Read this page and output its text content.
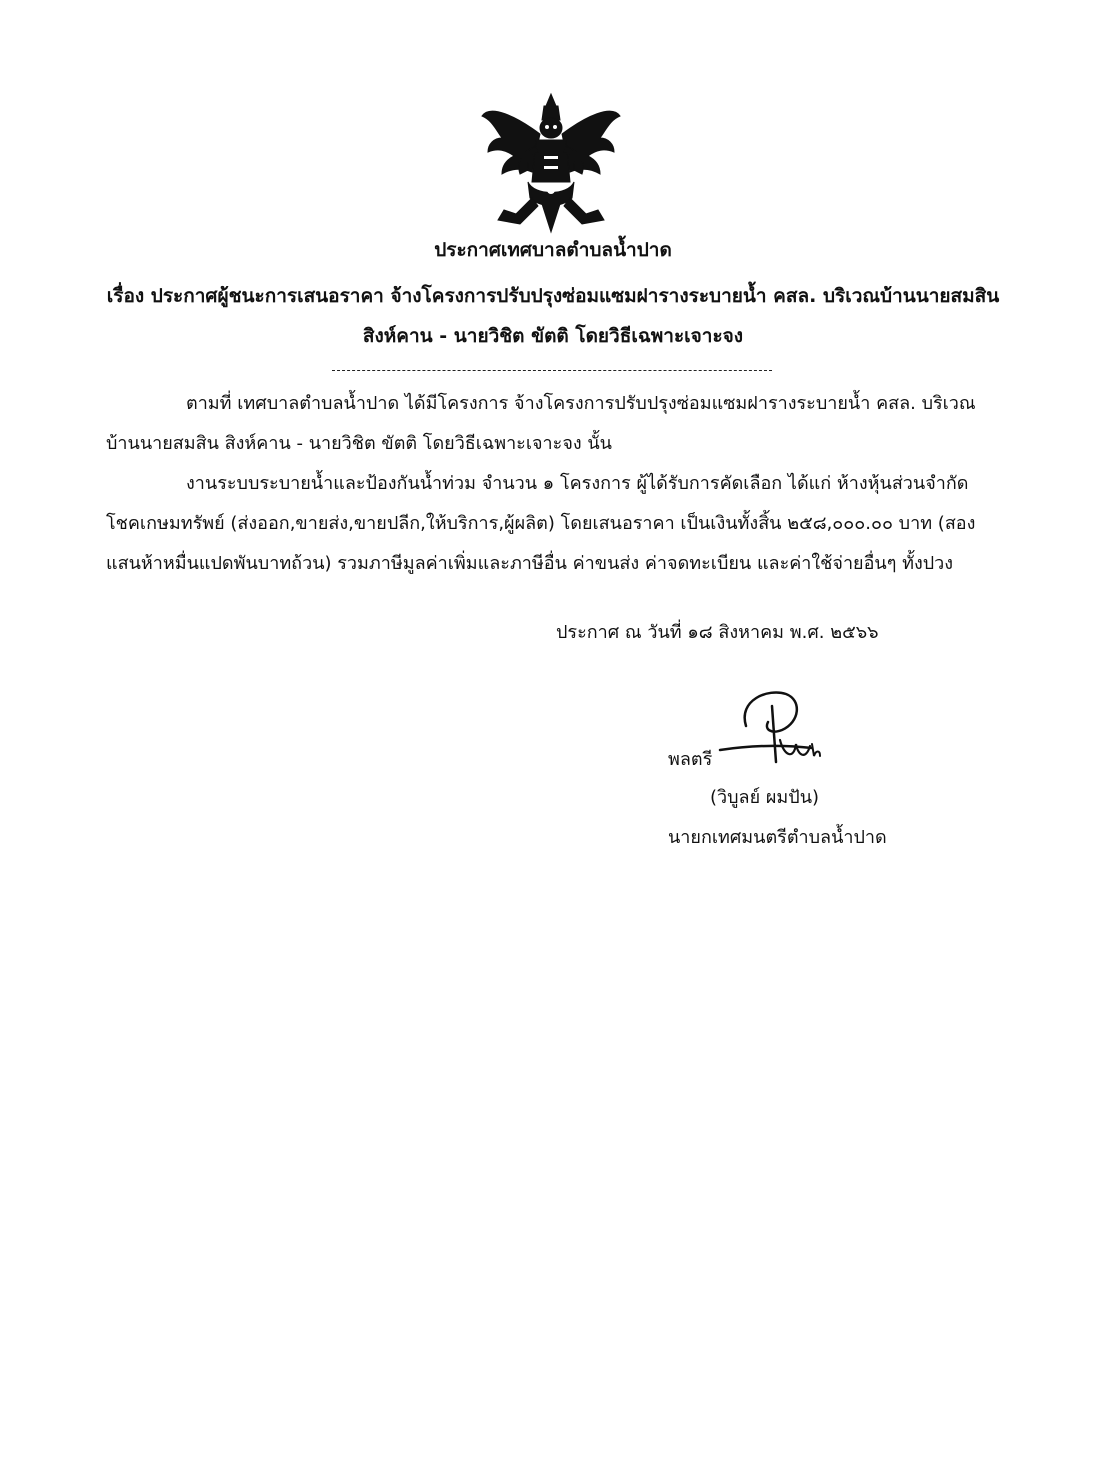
ประกาศเทศบาลตำบลน้ำปาด
เรื่อง ประกาศผู้ชนะการเสนอราคา จ้างโครงการปรับปรุงซ่อมแซมฝารางระบายน้ำ คสล. บริเวณบ้านนายสมสิน
สิงห์คาน - นายวิชิต ขัตติ โดยวิธีเฉพาะเจาะจง
ตามที่ เทศบาลตำบลน้ำปาด ได้มีโครงการ จ้างโครงการปรับปรุงซ่อมแซมฝารางระบายน้ำ คสล. บริเวณ
บ้านนายสมสิน สิงห์คาน - นายวิชิต ขัตติ โดยวิธีเฉพาะเจาะจง นั้น
งานระบบระบายน้ำและป้องกันน้ำท่วม จำนวน ๑ โครงการ ผู้ได้รับการคัดเลือก ได้แก่ ห้างหุ้นส่วนจำกัด
โชคเกษมทรัพย์ (ส่งออก,ขายส่ง,ขายปลีก,ให้บริการ,ผู้ผลิต) โดยเสนอราคา เป็นเงินทั้งสิ้น ๒๕๘,๐๐๐.๐๐ บาท (สอง
แสนห้าหมื่นแปดพันบาทถ้วน) รวมภาษีมูลค่าเพิ่มและภาษีอื่น ค่าขนส่ง ค่าจดทะเบียน และค่าใช้จ่ายอื่นๆ ทั้งปวง
ประกาศ ณ วันที่ ๑๘ สิงหาคม พ.ศ. ๒๕๖๖
พลตรี
(วิบูลย์ ผมปัน)
นายกเทศมนตรีตำบลน้ำปาด
